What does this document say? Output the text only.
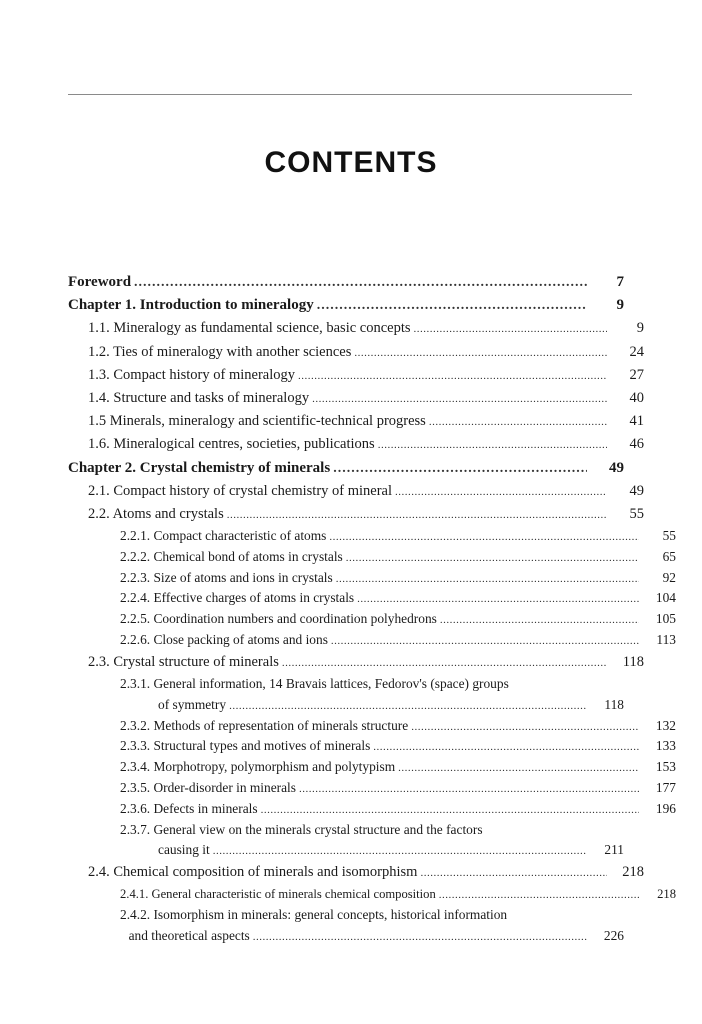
CONTENTS
Foreword .....	7
Chapter 1. Introduction to mineralogy .....	9
1.1. Mineralogy as fundamental science, basic concepts .....	9
1.2. Ties of mineralogy with another sciences .....	24
1.3. Compact history of mineralogy .....	27
1.4. Structure and tasks of mineralogy .....	40
1.5 Minerals, mineralogy and scientific-technical progress .....	41
1.6. Mineralogical centres, societies, publications .....	46
Chapter 2. Crystal chemistry of minerals .....	49
2.1. Compact history of crystal chemistry of mineral .....	49
2.2. Atoms and crystals .....	55
2.2.1. Compact characteristic of atoms .....	55
2.2.2. Chemical bond of atoms in crystals .....	65
2.2.3. Size of atoms and ions in crystals .....	92
2.2.4. Effective charges of atoms in crystals .....	104
2.2.5. Coordination numbers and coordination polyhedrons .....	105
2.2.6. Close packing of atoms and ions .....	113
2.3. Crystal structure of minerals .....	118
2.3.1. General information, 14 Bravais lattices, Fedorov's (space) groups
of symmetry .....	118
2.3.2. Methods of representation of minerals structure .....	132
2.3.3. Structural types and motives of minerals .....	133
2.3.4. Morphotropy, polymorphism and polytypism .....	153
2.3.5. Order-disorder in minerals .....	177
2.3.6. Defects in minerals .....	196
2.3.7. General view on the minerals crystal structure and the factors
causing it .....	211
2.4. Chemical composition of minerals and isomorphism .....	218
2.4.1. General characteristic of minerals chemical composition .....	218
2.4.2. Isomorphism in minerals: general concepts, historical information
and theoretical aspects .....	226
